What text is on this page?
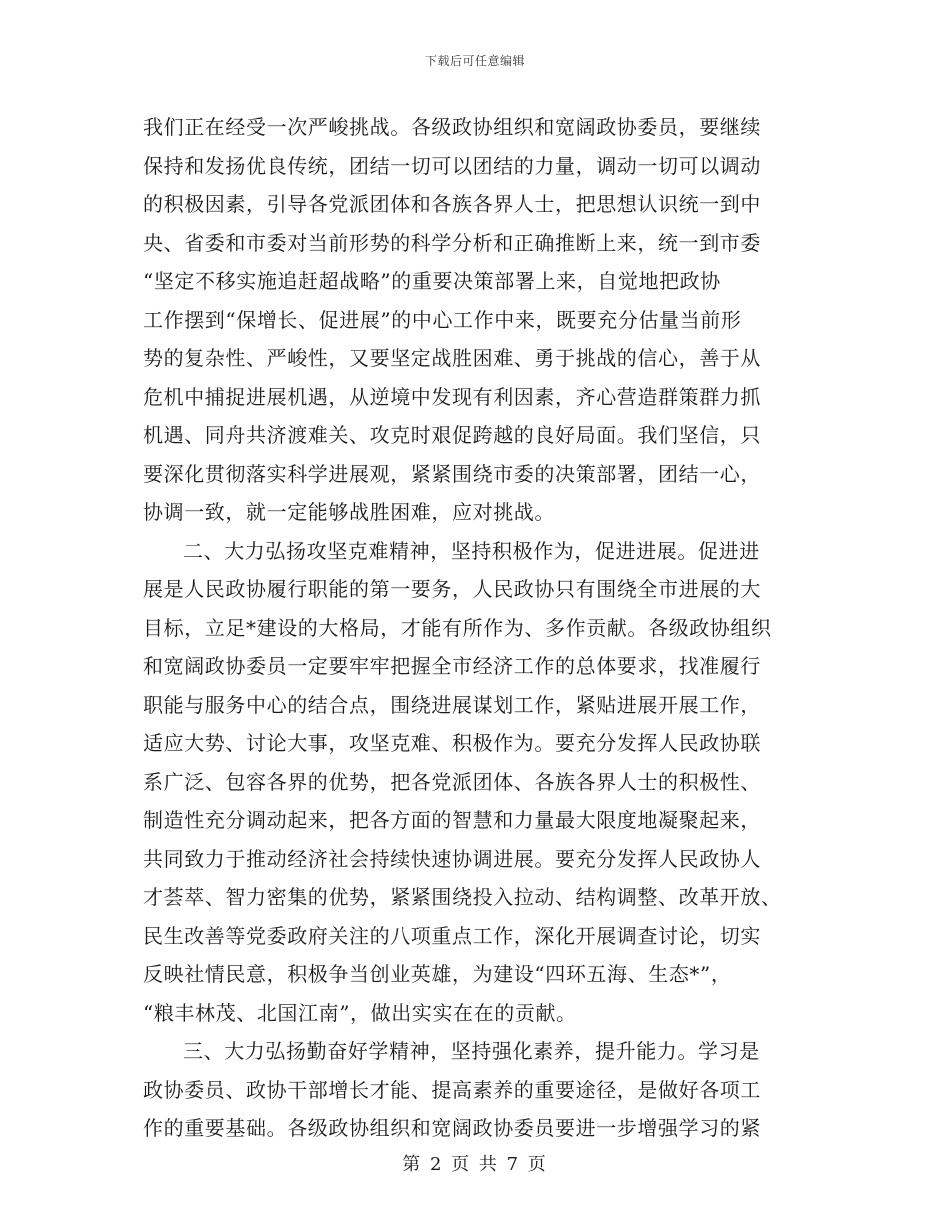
下载后可任意编辑
我们正在经受一次严峻挑战。各级政协组织和宽阔政协委员，要继续
保持和发扬优良传统，团结一切可以团结的力量，调动一切可以调动
的积极因素，引导各党派团体和各族各界人士，把思想认识统一到中
央、省委和市委对当前形势的科学分析和正确推断上来，统一到市委
“坚定不移实施追赶超战略”的重要决策部署上来，自觉地把政协
工作摆到“保增长、促进展”的中心工作中来，既要充分估量当前形
势的复杂性、严峻性，又要坚定战胜困难、勇于挑战的信心，善于从
危机中捕捉进展机遇，从逆境中发现有利因素，齐心营造群策群力抓
机遇、同舟共济渡难关、攻克时艰促跨越的良好局面。我们坚信，只
要深化贯彻落实科学进展观，紧紧围绕市委的决策部署，团结一心，
协调一致，就一定能够战胜困难，应对挑战。
二、大力弘扬攻坚克难精神，坚持积极作为，促进进展。促进进
展是人民政协履行职能的第一要务，人民政协只有围绕全市进展的大
目标，立足*建设的大格局，才能有所作为、多作贡献。各级政协组织
和宽阔政协委员一定要牢牢把握全市经济工作的总体要求，找准履行
职能与服务中心的结合点，围绕进展谋划工作，紧贴进展开展工作，
适应大势、讨论大事，攻坚克难、积极作为。要充分发挥人民政协联
系广泛、包容各界的优势，把各党派团体、各族各界人士的积极性、
制造性充分调动起来，把各方面的智慧和力量最大限度地凝聚起来，
共同致力于推动经济社会持续快速协调进展。要充分发挥人民政协人
才荟萃、智力密集的优势，紧紧围绕投入拉动、结构调整、改革开放、
民生改善等党委政府关注的八项重点工作，深化开展调查讨论，切实
反映社情民意，积极争当创业英雄，为建设“四环五海、生态*”，
“粮丰林茂、北国江南”，做出实实在在的贡献。
三、大力弘扬勤奋好学精神，坚持强化素养，提升能力。学习是
政协委员、政协干部增长才能、提高素养的重要途径，是做好各项工
作的重要基础。各级政协组织和宽阔政协委员要进一步增强学习的紧
第 2 页 共 7 页
